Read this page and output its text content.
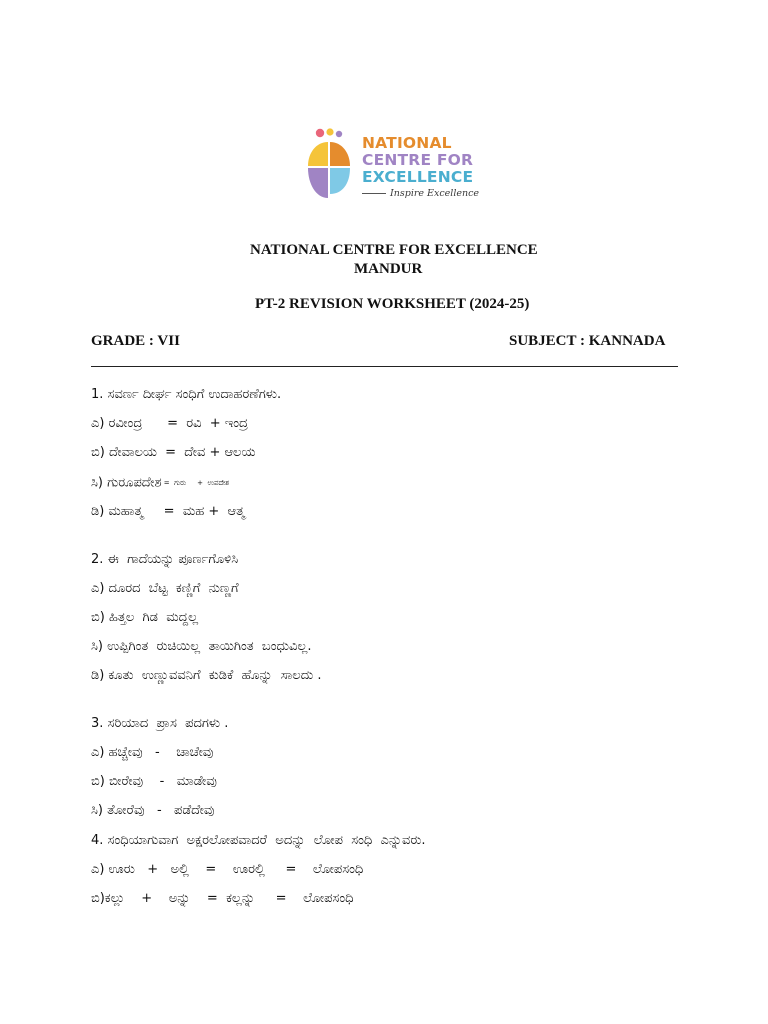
NATIONAL
CENTRE FOR
EXCELLENCE
Inspire Excellence
NATIONAL CENTRE FOR EXCELLENCE
MANDUR
PT-2 REVISION WORKSHEET (2024-25)
GRADE : VII	SUBJECT : KANNADA
1. ಸವರ್ಣ ದೀರ್ಘ ಸಂಧಿಗೆ ಉದಾಹರಣೆಗಳು.
ಎ) ರವೀಂದ್ರ      =  ರವಿ  + ಇಂದ್ರ
ಬಿ) ದೇವಾಲಯ  =  ದೇವ + ಆಲಯ
ಸಿ) ಗುರೂಪದೇಶ =  ಗುರು     +  ಉಪದೇಶ
ಡಿ) ಮಹಾತ್ಮ     =  ಮಹ +  ಆತ್ಮ
2. ಈ  ಗಾದೆಯನ್ನು ಪೂರ್ಣಗೊಳಿಸಿ
ಎ) ದೂರದ  ಬೆಟ್ಟ  ಕಣ್ಣಿಗೆ  ನುಣ್ಣಗೆ
ಬಿ) ಹಿತ್ತಲ  ಗಿಡ  ಮದ್ದಲ್ಲ
ಸಿ) ಉಪ್ಪಿಗಿಂತ  ರುಚಿಯಿಲ್ಲ  ತಾಯಿಗಿಂತ  ಬಂಧುವಿಲ್ಲ.
ಡಿ) ಕೂತು  ಉಣ್ಣುವವನಿಗೆ  ಕುಡಿಕೆ  ಹೊನ್ನು  ಸಾಲದು .
3. ಸರಿಯಾದ  ಪ್ರಾಸ  ಪದಗಳು .
ಎ) ಹಚ್ಚೇವು   -    ಚಾಚೇವು
ಬಿ) ಬೀರೇವು    -   ಮಾಡೇವು
ಸಿ) ತೋರೆವು   -   ಪಡೆದೇವು
4. ಸಂಧಿಯಾಗುವಾಗ  ಅಕ್ಷರಲೋಪವಾದರೆ  ಅದನ್ನು  ಲೋಪ  ಸಂಧಿ  ಎನ್ನುವರು.
ಎ) ಊರು   +   ಅಲ್ಲಿ    =    ಊರಲ್ಲಿ     =    ಲೋಪಸಂಧಿ
ಬಿ)ಕಲ್ಲು    +    ಅನ್ನು    =  ಕಲ್ಲನ್ನು     =    ಲೋಪಸಂಧಿ
